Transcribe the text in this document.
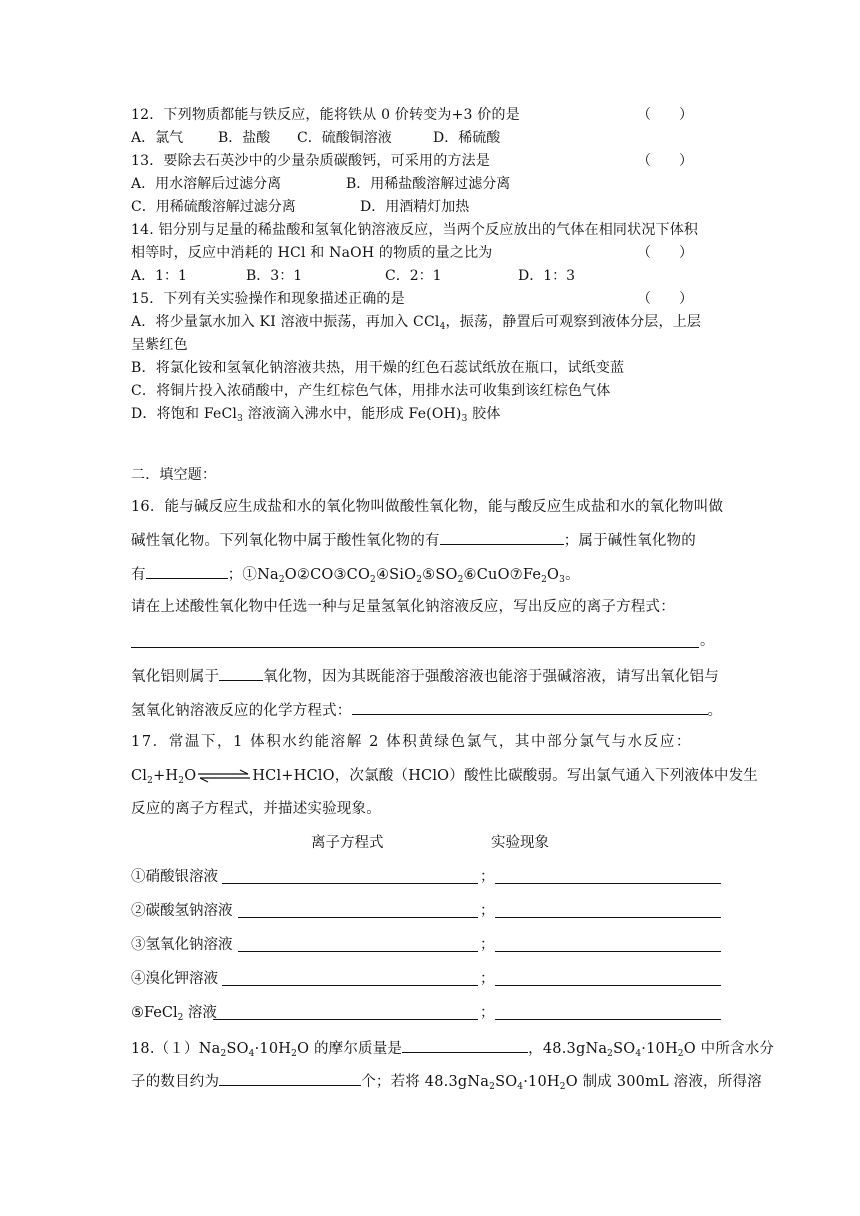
12．下列物质都能与铁反应，能将铁从 0 价转变为+3 价的是	（　　）
A．氯气 B．盐酸 C．硫酸铜溶液	D．稀硫酸
13．要除去石英沙中的少量杂质碳酸钙，可采用的方法是	（　　）
A．用水溶解后过滤分离	B．用稀盐酸溶解过滤分离
C．用稀硫酸溶解过滤分离	D．用酒精灯加热
14. 铝分别与足量的稀盐酸和氢氧化钠溶液反应，当两个反应放出的气体在相同状况下体积
相等时，反应中消耗的 HCl 和 NaOH 的物质的量之比为	（　　）
A．1：1	B．3：1	C．2：1	D．1：3
15．下列有关实验操作和现象描述正确的是	（　　）
A．将少量氯水加入 KI 溶液中振荡，再加入 CCl$_4$，振荡，静置后可观察到液体分层，上层
呈紫红色
B．将氯化铵和氢氧化钠溶液共热，用干燥的红色石蕊试纸放在瓶口，试纸变蓝
C．将铜片投入浓硝酸中，产生红棕色气体，用排水法可收集到该红棕色气体
D．将饱和 FeCl$_3$ 溶液滴入沸水中，能形成 $Fe(OH)_3$ 胶体
二．填空题：
16．能与碱反应生成盐和水的氧化物叫做酸性氧化物，能与酸反应生成盐和水的氧化物叫做
碱性氧化物。下列氧化物中属于酸性氧化物的有	；属于碱性氧化物的
有	；$①Na_2O②CO③CO_2④SiO_2⑤SO_2⑥CuO⑦Fe_2O_3$。
请在上述酸性氧化物中任选一种与足量氢氧化钠溶液反应，写出反应的离子方程式：
。
氧化铝则属于	氧化物，因为其既能溶于强酸溶液也能溶于强碱溶液，请写出氧化铝与
氢氧化钠溶液反应的化学方程式：	。
17．常温下，1 体积水约能溶解 2 体积黄绿色氯气，其中部分氯气与水反应：
$Cl_2+H_2O\rightleftharpoons HCl+HClO$，次氯酸（HClO）酸性比碳酸弱。写出氯气通入下列液体中发生
反应的离子方程式，并描述实验现象。
离子方程式	实验现象
①硝酸银溶液	；
②碳酸氢钠溶液	；
③氢氧化钠溶液	；
④溴化钾溶液	；
⑤FeCl$_2$ 溶液	；
$18.(1)Na_2SO_4\cdot 10H_2O$ 的摩尔质量是	，$48.3gNa_2SO_4\cdot 10H_2O$ 中所含水分
子的数目约为	个；若将 $48.3gNa_2SO_4\cdot 10H_2O$ 制成 300mL 溶液，所得溶
